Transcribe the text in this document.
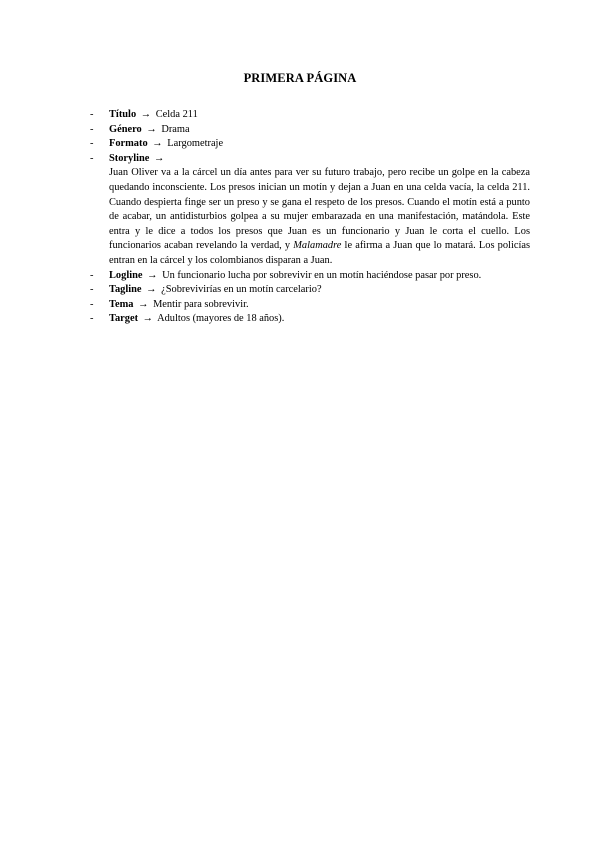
PRIMERA PÁGINA
- Título → Celda 211
- Género → Drama
- Formato → Largometraje
- Storyline →
Juan Oliver va a la cárcel un día antes para ver su futuro trabajo, pero recibe un golpe en la cabeza quedando inconsciente. Los presos inician un motín y dejan a Juan en una celda vacía, la celda 211. Cuando despierta finge ser un preso y se gana el respeto de los presos. Cuando el motín está a punto de acabar, un antidisturbios golpea a su mujer embarazada en una manifestación, matándola. Este entra y le dice a todos los presos que Juan es un funcionario y Juan le corta el cuello. Los funcionarios acaban revelando la verdad, y Malamadre le afirma a Juan que lo matará. Los policías entran en la cárcel y los colombianos disparan a Juan.
- Logline → Un funcionario lucha por sobrevivir en un motín haciéndose pasar por preso.
- Tagline → ¿Sobrevivirías en un motín carcelario?
- Tema → Mentir para sobrevivir.
- Target → Adultos (mayores de 18 años).
